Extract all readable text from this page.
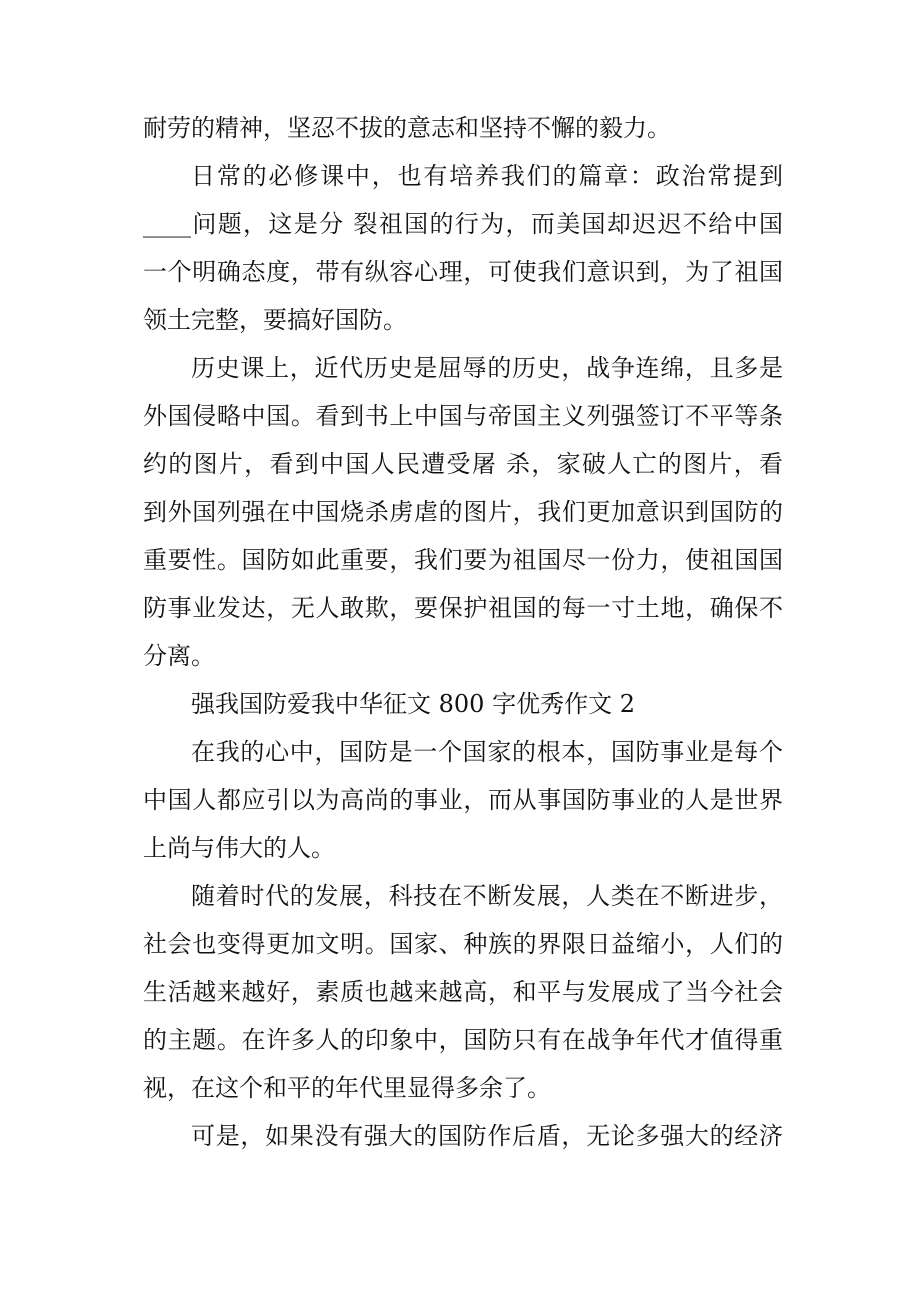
耐劳的精神，坚忍不拔的意志和坚持不懈的毅力。
日常的必修课中，也有培养我们的篇章：政治常提到
____问题，这是分 裂祖国的行为，而美国却迟迟不给中国
一个明确态度，带有纵容心理，可使我们意识到，为了祖国
领土完整，要搞好国防。
历史课上，近代历史是屈辱的历史，战争连绵，且多是
外国侵略中国。看到书上中国与帝国主义列强签订不平等条
约的图片，看到中国人民遭受屠 杀，家破人亡的图片，看
到外国列强在中国烧杀虏虐的图片，我们更加意识到国防的
重要性。国防如此重要，我们要为祖国尽一份力，使祖国国
防事业发达，无人敢欺，要保护祖国的每一寸土地，确保不
分离。
强我国防爱我中华征文 800 字优秀作文 2
在我的心中，国防是一个国家的根本，国防事业是每个
中国人都应引以为高尚的事业，而从事国防事业的人是世界
上尚与伟大的人。
随着时代的发展，科技在不断发展，人类在不断进步，
社会也变得更加文明。国家、种族的界限日益缩小，人们的
生活越来越好，素质也越来越高，和平与发展成了当今社会
的主题。在许多人的印象中，国防只有在战争年代才值得重
视，在这个和平的年代里显得多余了。
可是，如果没有强大的国防作后盾，无论多强大的经济
